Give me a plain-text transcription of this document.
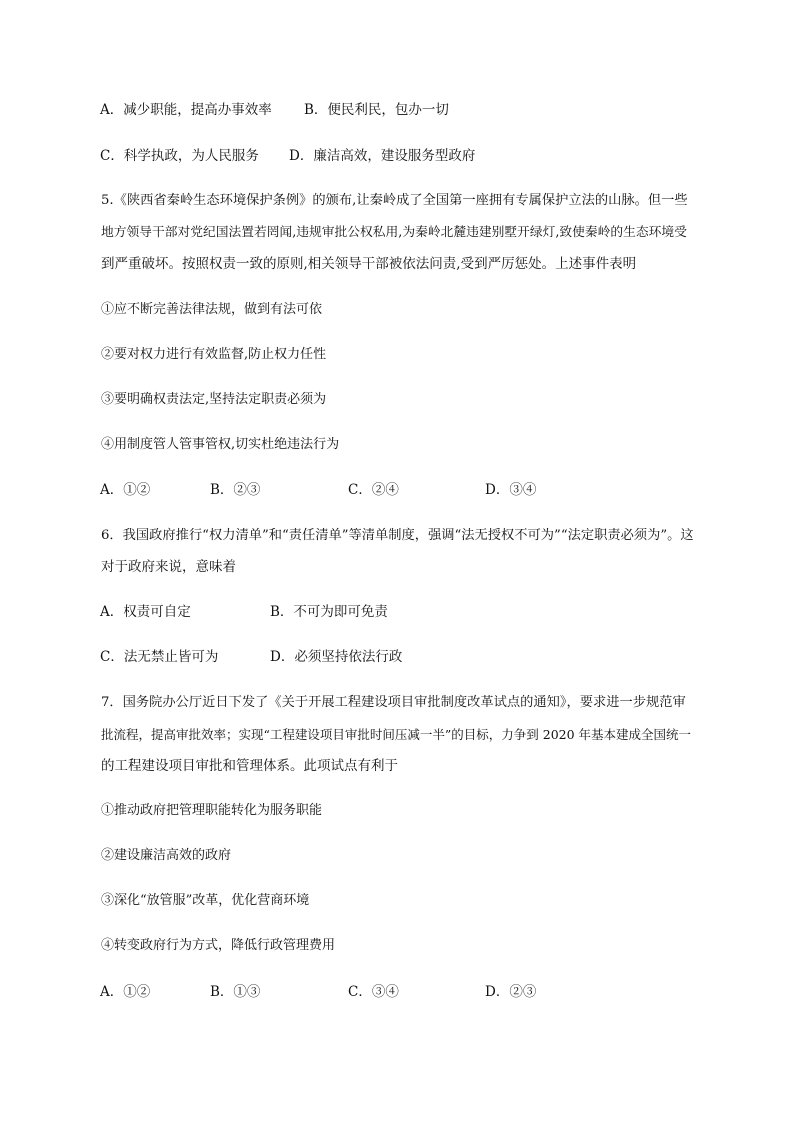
A．减少职能，提高办事效率 B．便民利民，包办一切
C．科学执政，为人民服务 D．廉洁高效，建设服务型政府
5.《陕西省秦岭生态环境保护条例》的颁布,让秦岭成了全国第一座拥有专属保护立法的山脉。但一些
地方领导干部对党纪国法置若罔闻,违规审批公权私用,为秦岭北麓违建别墅开绿灯,致使秦岭的生态环境受
到严重破坏。按照权责一致的原则,相关领导干部被依法问责,受到严厉惩处。上述事件表明
①应不断完善法律法规，做到有法可依
②要对权力进行有效监督,防止权力任性
③要明确权责法定,坚持法定职责必须为
④用制度管人管事管权,切实杜绝违法行为
A．①②	B．②③	C．②④	D．③④
6．我国政府推行“权力清单”和“责任清单”等清单制度，强调“法无授权不可为”“法定职责必须为”。这
对于政府来说，意味着
A．权责可自定	B．不可为即可免责
C．法无禁止皆可为	D．必须坚持依法行政
7．国务院办公厅近日下发了《关于开展工程建设项目审批制度改革试点的通知》，要求进一步规范审
批流程，提高审批效率；实现“工程建设项目审批时间压减一半”的目标，力争到 2020 年基本建成全国统一
的工程建设项目审批和管理体系。此项试点有利于
①推动政府把管理职能转化为服务职能
②建设廉洁高效的政府
③深化“放管服”改革，优化营商环境
④转变政府行为方式，降低行政管理费用
A．①②	B．①③	C．③④	D．②③
